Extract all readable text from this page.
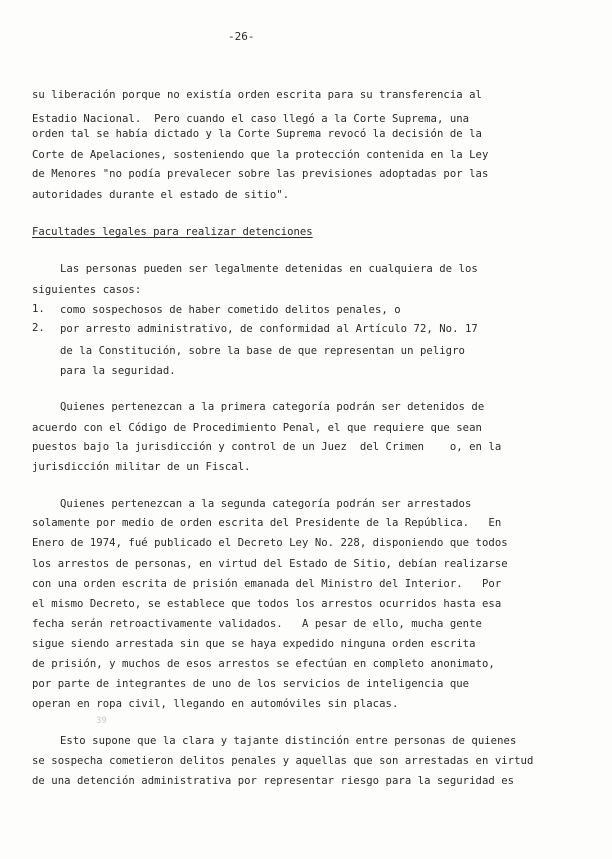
-26-
su liberación porque no existía orden escrita para su transferencia al
Estadio Nacional.  Pero cuando el caso llegó a la Corte Suprema, una
orden tal se había dictado y la Corte Suprema revocó la decisión de la
Corte de Apelaciones, sosteniendo que la protección contenida en la Ley
de Menores "no podía prevalecer sobre las previsiones adoptadas por las
autoridades durante el estado de sitio".
Facultades legales para realizar detenciones
Las personas pueden ser legalmente detenidas en cualquiera de los
siguientes casos:
1. como sospechosos de haber cometido delitos penales, o
2. por arresto administrativo, de conformidad al Artículo 72, No. 17
de la Constitución, sobre la base de que representan un peligro
para la seguridad.
Quienes pertenezcan a la primera categoría podrán ser detenidos de
acuerdo con el Código de Procedimiento Penal, el que requiere que sean
puestos bajo la jurisdicción y control de un Juez  del Crimen    o, en la
jurisdicción militar de un Fiscal.
Quienes pertenezcan a la segunda categoría podrán ser arrestados
solamente por medio de orden escrita del Presidente de la República.   En
Enero de 1974, fué publicado el Decreto Ley No. 228, disponiendo que todos
los arrestos de personas, en virtud del Estado de Sitio, debían realizarse
con una orden escrita de prisión emanada del Ministro del Interior.   Por
el mismo Decreto, se establece que todos los arrestos ocurridos hasta esa
fecha serán retroactivamente validados.   A pesar de ello, mucha gente
sigue siendo arrestada sin que se haya expedido ninguna orden escrita
de prisión, y muchos de esos arrestos se efectúan en completo anonimato,
por parte de integrantes de uno de los servicios de inteligencia que
operan en ropa civil, llegando en automóviles sin placas.
39
Esto supone que la clara y tajante distinción entre personas de quienes
se sospecha cometieron delitos penales y aquellas que son arrestadas en virtud
de una detención administrativa por representar riesgo para la seguridad es
